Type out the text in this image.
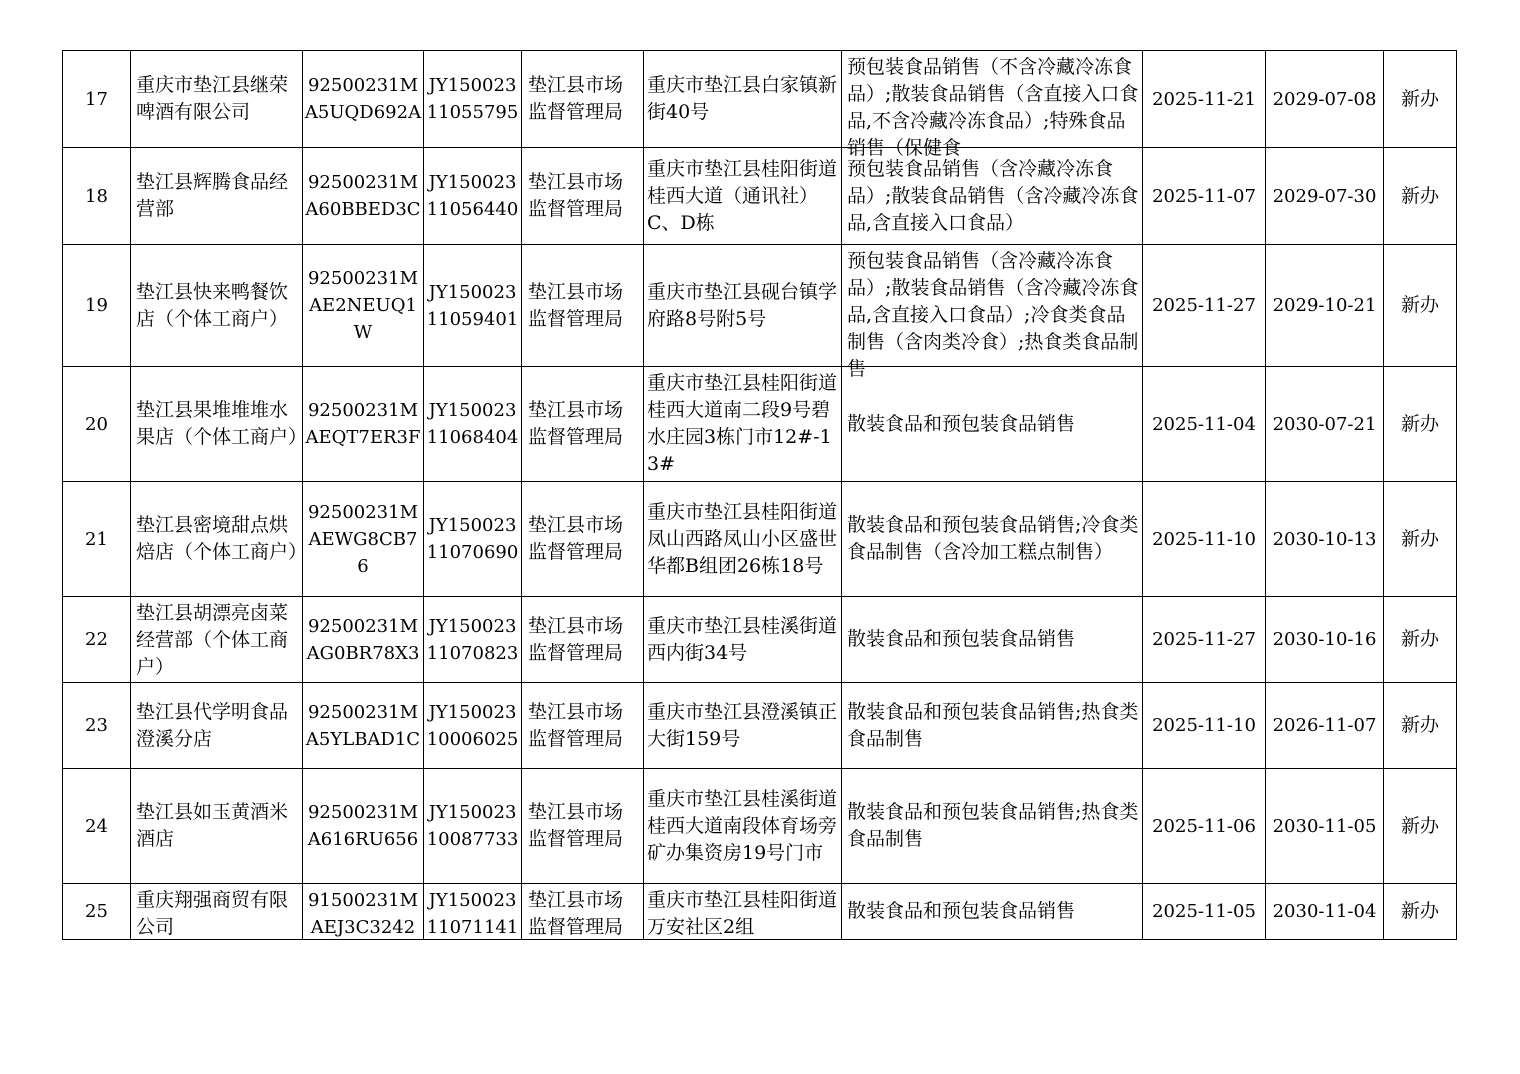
17	重庆市垫江县继荣啤酒有限公司	92500231MA5UQD692A	JY15002311055795	垫江县市场监督管理局	重庆市垫江县白家镇新街40号	预包装食品销售（不含冷藏冷冻食品）;散装食品销售（含直接入口食品,不含冷藏冷冻食品）;特殊食品销售（保健食	2025-11-21	2029-07-08	新办

18	垫江县辉腾食品经营部	92500231MA60BBED3C	JY15002311056440	垫江县市场监督管理局	重庆市垫江县桂阳街道桂西大道（通讯社）C、D栋	预包装食品销售（含冷藏冷冻食品）;散装食品销售（含冷藏冷冻食品,含直接入口食品）	2025-11-07	2029-07-30	新办

19	垫江县快来鸭餐饮店（个体工商户）	92500231MAE2NEUQ1W	JY15002311059401	垫江县市场监督管理局	重庆市垫江县砚台镇学府路8号附5号	预包装食品销售（含冷藏冷冻食品）;散装食品销售（含冷藏冷冻食品,含直接入口食品）;冷食类食品制售（含肉类冷食）;热食类食品制售	2025-11-27	2029-10-21	新办

20	垫江县果堆堆堆水果店（个体工商户）	92500231MAEQT7ER3F	JY15002311068404	垫江县市场监督管理局	重庆市垫江县桂阳街道桂西大道南二段9号碧水庄园3栋门市12#-13#	散装食品和预包装食品销售	2025-11-04	2030-07-21	新办

21	垫江县密境甜点烘焙店（个体工商户）	92500231MAEWG8CB76	JY15002311070690	垫江县市场监督管理局	重庆市垫江县桂阳街道凤山西路凤山小区盛世华都B组团26栋18号	散装食品和预包装食品销售;冷食类食品制售（含冷加工糕点制售）	2025-11-10	2030-10-13	新办

22	垫江县胡漂亮卤菜经营部（个体工商户）	92500231MAG0BR78X3	JY15002311070823	垫江县市场监督管理局	重庆市垫江县桂溪街道西内街34号	散装食品和预包装食品销售	2025-11-27	2030-10-16	新办

23	垫江县代学明食品澄溪分店	92500231MA5YLBAD1C	JY15002310006025	垫江县市场监督管理局	重庆市垫江县澄溪镇正大街159号	散装食品和预包装食品销售;热食类食品制售	2025-11-10	2026-11-07	新办

24	垫江县如玉黄酒米酒店	92500231MA616RU656	JY15002310087733	垫江县市场监督管理局	重庆市垫江县桂溪街道桂西大道南段体育场旁矿办集资房19号门市	散装食品和预包装食品销售;热食类食品制售	2025-11-06	2030-11-05	新办

25	重庆翔强商贸有限公司	91500231MAEJ3C3242	JY15002311071141	垫江县市场监督管理局	重庆市垫江县桂阳街道万安社区2组	散装食品和预包装食品销售	2025-11-05	2030-11-04	新办
